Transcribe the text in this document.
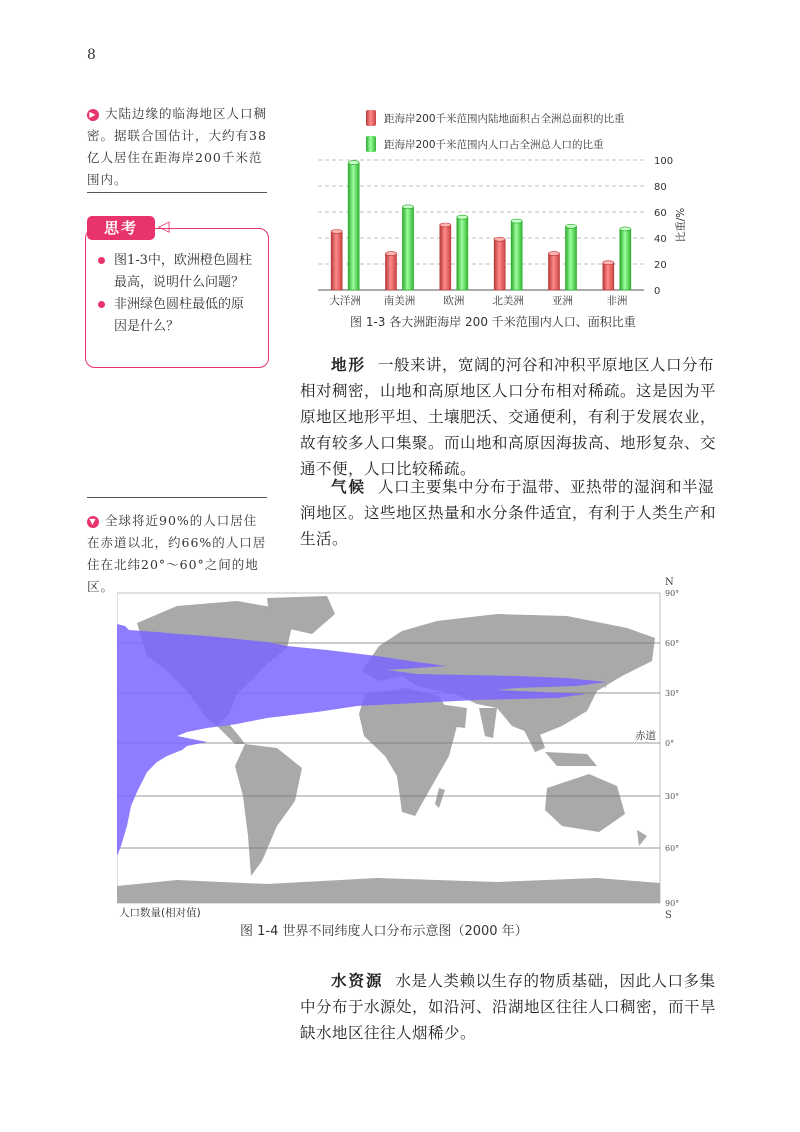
8
▶ 大陆边缘的临海地区人口稠密。据联合国估计，大约有38亿人居住在距海岸200千米范围内。
思考	◁
图1-3中，欧洲橙色圆柱最高，说明什么问题？
非洲绿色圆柱最低的原因是什么？
▼ 全球将近90%的人口居住在赤道以北，约66%的人口居住在北纬20°～60°之间的地区。
距海岸200千米范围内陆地面积占全洲总面积的比重
距海岸200千米范围内人口占全洲总人口的比重
0
20
40
60
80
100
比重/%
大洋洲 南美洲	欧洲	北美洲	亚洲	非洲
图 1-3 各大洲距海岸 200 千米范围内人口、面积比重
地形 一般来讲，宽阔的河谷和冲积平原地区人口分布相对稠密，山地和高原地区人口分布相对稀疏。这是因为平原地区地形平坦、土壤肥沃、交通便利，有利于发展农业，故有较多人口集聚。而山地和高原因海拔高、地形复杂、交通不便，人口比较稀疏。
气候 人口主要集中分布于温带、亚热带的湿润和半湿润地区。这些地区热量和水分条件适宜，有利于人类生产和生活。
90°
60°
30°
0°
30°
60°
90°
N
S
赤道
人口数量(相对值)
图 1-4 世界不同纬度人口分布示意图（2000 年）
水资源 水是人类赖以生存的物质基础，因此人口多集中分布于水源处，如沿河、沿湖地区往往人口稠密，而干旱缺水地区往往人烟稀少。
